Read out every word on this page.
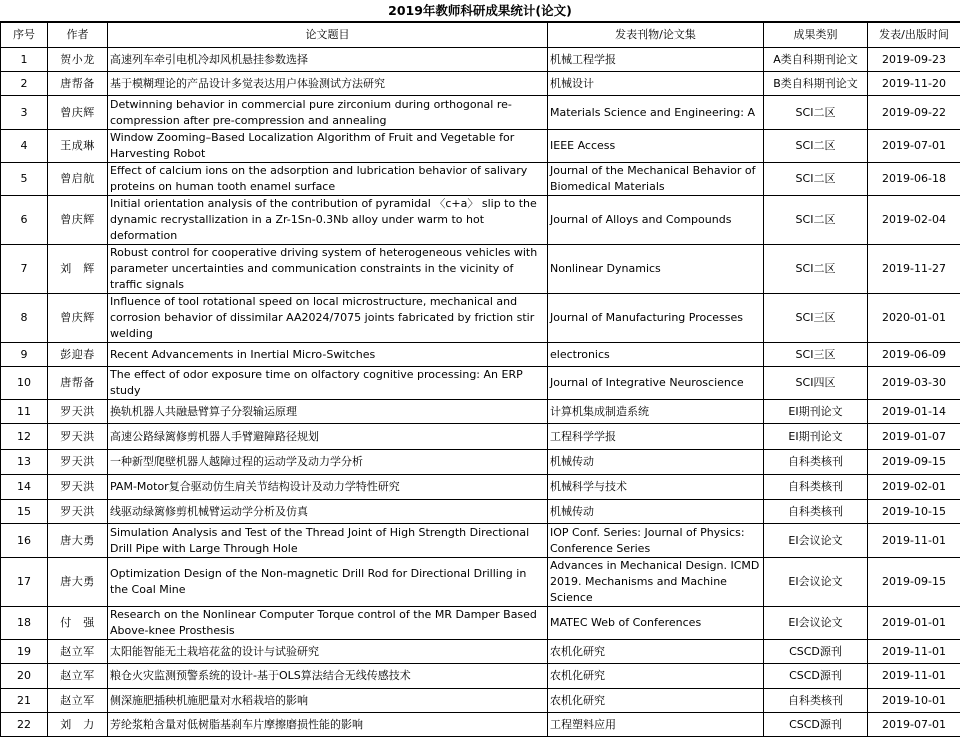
2019年教师科研成果统计(论文)
序号	作者	论文题目	发表刊物/论文集	成果类别	发表/出版时间
1	贺小龙	高速列车牵引电机冷却风机悬挂参数选择	机械工程学报	A类自科期刊论文	2019-09-23
2	唐帮备	基于模糊理论的产品设计多觉表达用户体验测试方法研究	机械设计	B类自科期刊论文	2019-11-20
3	曾庆辉	Detwinning behavior in commercial pure zirconium during orthogonal re-compression after pre-compression and annealing	Materials Science and Engineering: A	SCI二区	2019-09-22
4	王成琳	Window Zooming–Based Localization Algorithm of Fruit and Vegetable for Harvesting Robot	IEEE Access	SCI二区	2019-07-01
5	曾启航	Effect of calcium ions on the adsorption and lubrication behavior of salivary proteins on human tooth enamel surface	Journal of the Mechanical Behavior of Biomedical Materials	SCI二区	2019-06-18
6	曾庆辉	Initial orientation analysis of the contribution of pyramidal 〈c+a〉 slip to the dynamic recrystallization in a Zr-1Sn-0.3Nb alloy under warm to hot deformation	Journal of Alloys and Compounds	SCI二区	2019-02-04
7	刘　辉	Robust control for cooperative driving system of heterogeneous vehicles with parameter uncertainties and communication constraints in the vicinity of traffic signals	Nonlinear Dynamics	SCI二区	2019-11-27
8	曾庆辉	Influence of tool rotational speed on local microstructure, mechanical and corrosion behavior of dissimilar AA2024/7075 joints fabricated by friction stir welding	Journal of Manufacturing Processes	SCI三区	2020-01-01
9	彭迎春	Recent Advancements in Inertial Micro-Switches	electronics	SCI三区	2019-06-09
10	唐帮备	The effect of odor exposure time on olfactory cognitive processing: An ERP study	Journal of Integrative Neuroscience	SCI四区	2019-03-30
11	罗天洪	换轨机器人共融悬臂算子分裂输运原理	计算机集成制造系统	EI期刊论文	2019-01-14
12	罗天洪	高速公路绿篱修剪机器人手臂避障路径规划	工程科学学报	EI期刊论文	2019-01-07
13	罗天洪	一种新型爬壁机器人越障过程的运动学及动力学分析	机械传动	自科类核刊	2019-09-15
14	罗天洪	PAM-Motor复合驱动仿生肩关节结构设计及动力学特性研究	机械科学与技术	自科类核刊	2019-02-01
15	罗天洪	线驱动绿篱修剪机械臂运动学分析及仿真	机械传动	自科类核刊	2019-10-15
16	唐大勇	Simulation Analysis and Test of the Thread Joint of High Strength Directional Drill Pipe with Large Through Hole	IOP Conf. Series: Journal of Physics: Conference Series	EI会议论文	2019-11-01
17	唐大勇	Optimization Design of the Non-magnetic Drill Rod for Directional Drilling in the Coal Mine	Advances in Mechanical Design. ICMD 2019. Mechanisms and Machine Science	EI会议论文	2019-09-15
18	付　强	Research on the Nonlinear Computer Torque control of the MR Damper Based Above-knee Prosthesis	MATEC Web of Conferences	EI会议论文	2019-01-01
19	赵立军	太阳能智能无土栽培花盆的设计与试验研究	农机化研究	CSCD源刊	2019-11-01
20	赵立军	粮仓火灾监测预警系统的设计-基于OLS算法结合无线传感技术	农机化研究	CSCD源刊	2019-11-01
21	赵立军	侧深施肥插秧机施肥量对水稻栽培的影响	农机化研究	自科类核刊	2019-10-01
22	刘　力	芳纶浆粕含量对低树脂基刹车片摩擦磨损性能的影响	工程塑料应用	CSCD源刊	2019-07-01
